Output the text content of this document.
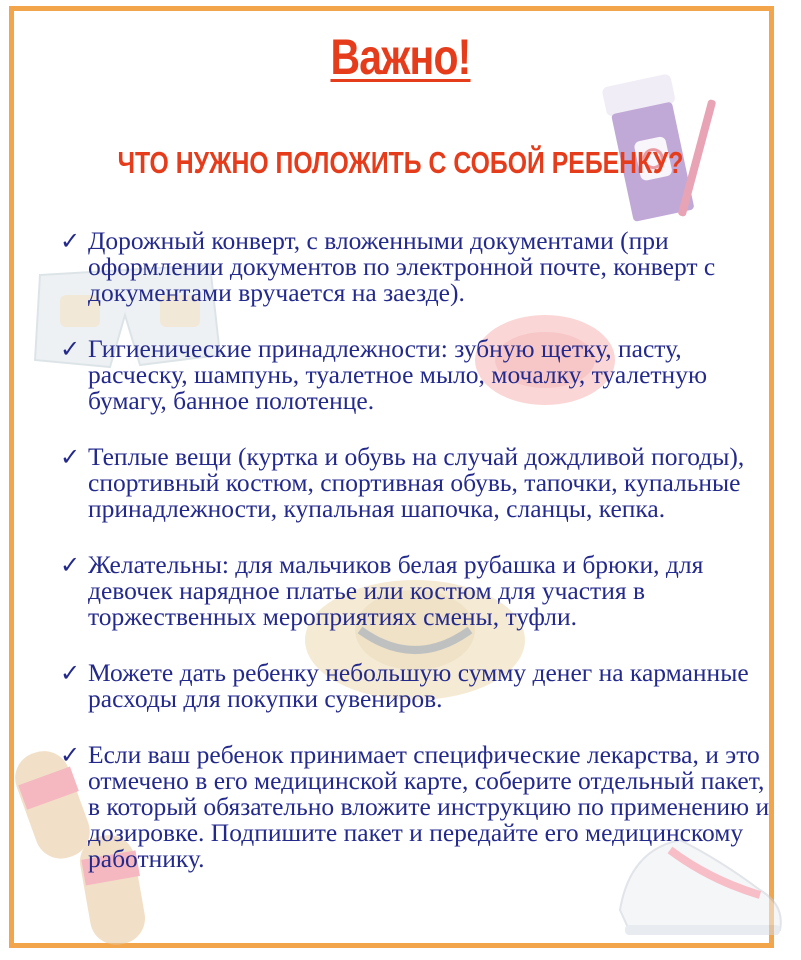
Важно!
ЧТО НУЖНО ПОЛОЖИТЬ С СОБОЙ РЕБЕНКУ?
✓ Дорожный конверт, с вложенными документами (при оформлении документов по электронной почте, конверт с документами вручается на заезде).
✓ Гигиенические принадлежности: зубную щетку, пасту, расческу, шампунь, туалетное мыло, мочалку, туалетную бумагу, банное полотенце.
✓ Теплые вещи (куртка и обувь на случай дождливой погоды), спортивный костюм, спортивная обувь, тапочки, купальные принадлежности, купальная шапочка, сланцы, кепка.
✓ Желательны: для мальчиков белая рубашка и брюки, для девочек нарядное платье или костюм для участия в торжественных мероприятиях смены, туфли.
✓ Можете дать ребенку небольшую сумму денег на карманные расходы для покупки сувениров.
✓ Если ваш ребенок принимает специфические лекарства, и это отмечено в его медицинской карте, соберите отдельный пакет, в который обязательно вложите инструкцию по применению и дозировке. Подпишите пакет и передайте его медицинскому работнику.
